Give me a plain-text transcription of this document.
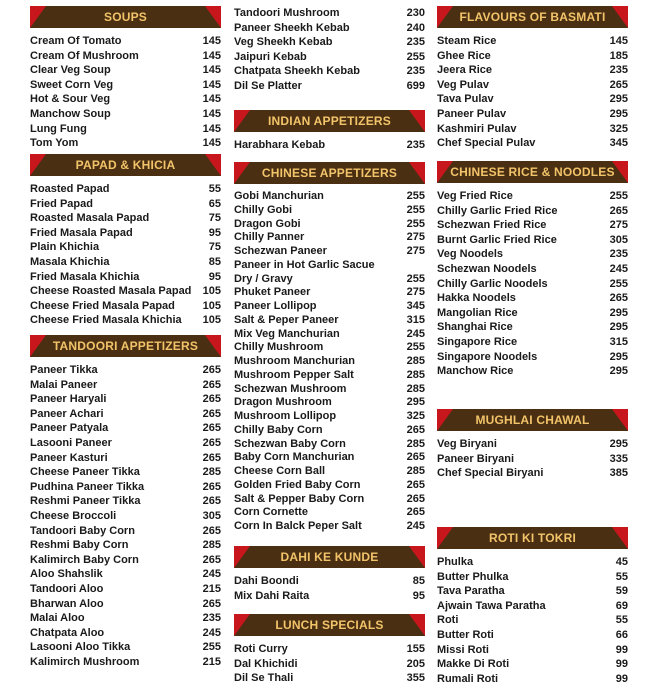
SOUPS
Cream Of Tomato	145
Cream Of Mushroom	145
Clear Veg Soup	145
Sweet Corn Veg	145
Hot & Sour Veg	145
Manchow Soup	145
Lung Fung	145
Tom Yom	145
PAPAD & KHICIA
Roasted Papad	55
Fried Papad	65
Roasted Masala Papad	75
Fried Masala Papad	95
Plain Khichia	75
Masala Khichia	85
Fried Masala Khichia	95
Cheese Roasted Masala Papad 105
Cheese Fried Masala Papad	105
Cheese Fried Masala Khichia 105
TANDOORI APPETIZERS
Paneer Tikka	265
Malai Paneer	265
Paneer Haryali	265
Paneer Achari	265
Paneer Patyala	265
Lasooni Paneer	265
Paneer Kasturi	265
Cheese Paneer Tikka	285
Pudhina Paneer Tikka	265
Reshmi Paneer Tikka	265
Cheese Broccoli	305
Tandoori Baby Corn	265
Reshmi Baby Corn	285
Kalimirch Baby Corn	265
Aloo Shahslik	245
Tandoori Aloo	215
Bharwan Aloo	265
Malai Aloo	235
Chatpata Aloo	245
Lasooni Aloo Tikka	255
Kalimirch Mushroom	215
Tandoori Mushroom	230
Paneer Sheekh Kebab	240
Veg Sheekh Kebab	235
Jaipuri Kebab	255
Chatpata Sheekh Kebab	235
Dil Se Platter	699
INDIAN APPETIZERS
Harabhara Kebab	235
CHINESE APPETIZERS
Gobi Manchurian	255
Chilly Gobi	255
Dragon Gobi	255
Chilly Panner	275
Schezwan Paneer	275
Paneer in Hot Garlic Sacue
Dry / Gravy	255
Phuket Paneer	275
Paneer Lollipop	345
Salt & Peper Paneer	315
Mix Veg Manchurian	245
Chilly Mushroom	255
Mushroom Manchurian	285
Mushroom Pepper Salt	285
Schezwan Mushroom	285
Dragon Mushroom	295
Mushroom Lollipop	325
Chilly Baby Corn	265
Schezwan Baby Corn	285
Baby Corn Manchurian	265
Cheese Corn Ball	285
Golden Fried Baby Corn	265
Salt & Pepper Baby Corn	265
Corn Cornette	265
Corn In Balck Peper Salt	245
DAHI KE KUNDE
Dahi Boondi	85
Mix Dahi Raita	95
LUNCH SPECIALS
Roti Curry	155
Dal Khichidi	205
Dil Se Thali	355
FLAVOURS OF BASMATI
Steam Rice	145
Ghee Rice	185
Jeera Rice	235
Veg Pulav	265
Tava Pulav	295
Paneer Pulav	295
Kashmiri Pulav	325
Chef Special Pulav	345
CHINESE RICE & NOODLES
Veg Fried Rice	255
Chilly Garlic Fried Rice	265
Schezwan Fried Rice	275
Burnt Garlic Fried Rice	305
Veg Noodels	235
Schezwan Noodels	245
Chilly Garlic Noodels	255
Hakka Noodels	265
Mangolian Rice	295
Shanghai Rice	295
Singapore Rice	315
Singapore Noodels	295
Manchow Rice	295
MUGHLAI CHAWAL
Veg Biryani	295
Paneer Biryani	335
Chef Special Biryani	385
ROTI KI TOKRI
Phulka	45
Butter Phulka	55
Tava Paratha	59
Ajwain Tawa Paratha	69
Roti	55
Butter Roti	66
Missi Roti	99
Makke Di Roti	99
Rumali Roti	99
